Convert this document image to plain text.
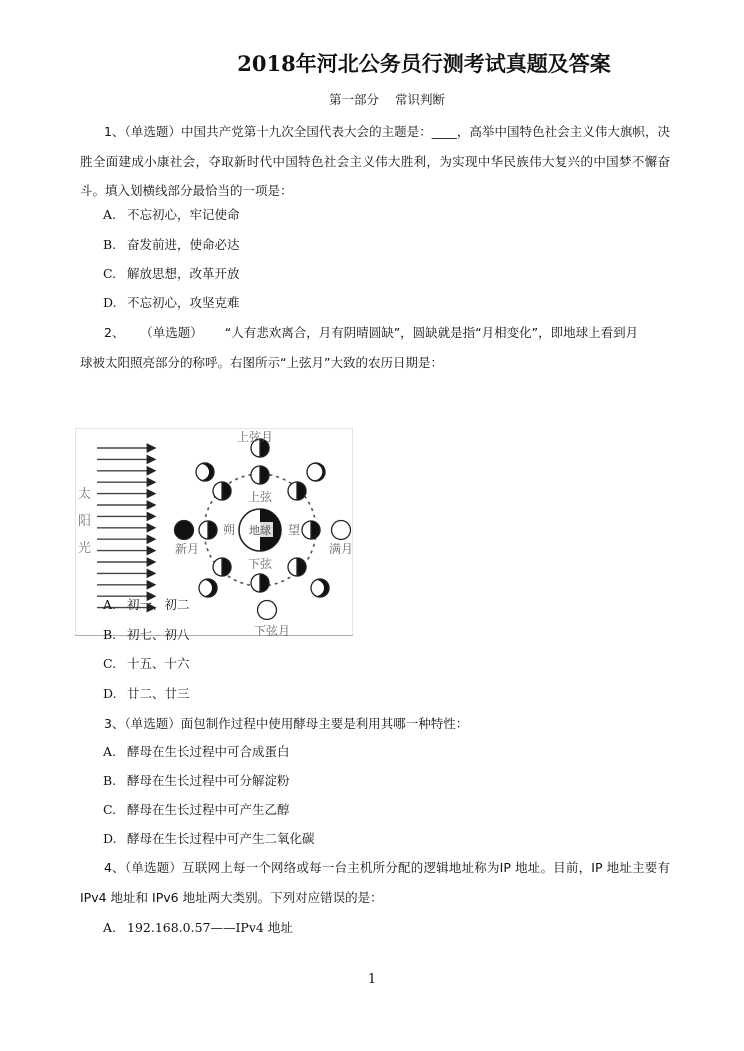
2018年河北公务员行测考试真题及答案
第一部分 常识判断
1、（单选题）中国共产党第十九次全国代表大会的主题是：____，高举中国特色社会主义伟大旗帜，决胜全面建成小康社会，夺取新时代中国特色社会主义伟大胜利，为实现中华民族伟大复兴的中国梦不懈奋斗。填入划横线部分最恰当的一项是：
A. 不忘初心，牢记使命
B. 奋发前进，使命必达
C. 解放思想，改革开放
D. 不忘初心，攻坚克难
2、 （单选题） “人有悲欢离合，月有阴晴圆缺”，圆缺就是指“月相变化”，即地球上看到月
球被太阳照亮部分的称呼。右图所示“上弦月”大致的农历日期是：
太
阳
光
地球
上弦月
新月	满月
下弦月
上弦
朔	望
下弦
A. 初一、初二
B. 初七、初八
C. 十五、十六
D. 廿二、廿三
3、（单选题）面包制作过程中使用酵母主要是利用其哪一种特性：
A. 酵母在生长过程中可合成蛋白
B. 酵母在生长过程中可分解淀粉
C. 酵母在生长过程中可产生乙醇
D. 酵母在生长过程中可产生二氧化碳
4、（单选题）互联网上每一个网络或每一台主机所分配的逻辑地址称为IP 地址。目前，IP 地址主要有 IPv4 地址和 IPv6 地址两大类别。下列对应错误的是：
A. 192.168.0.57——IPv4 地址
1
